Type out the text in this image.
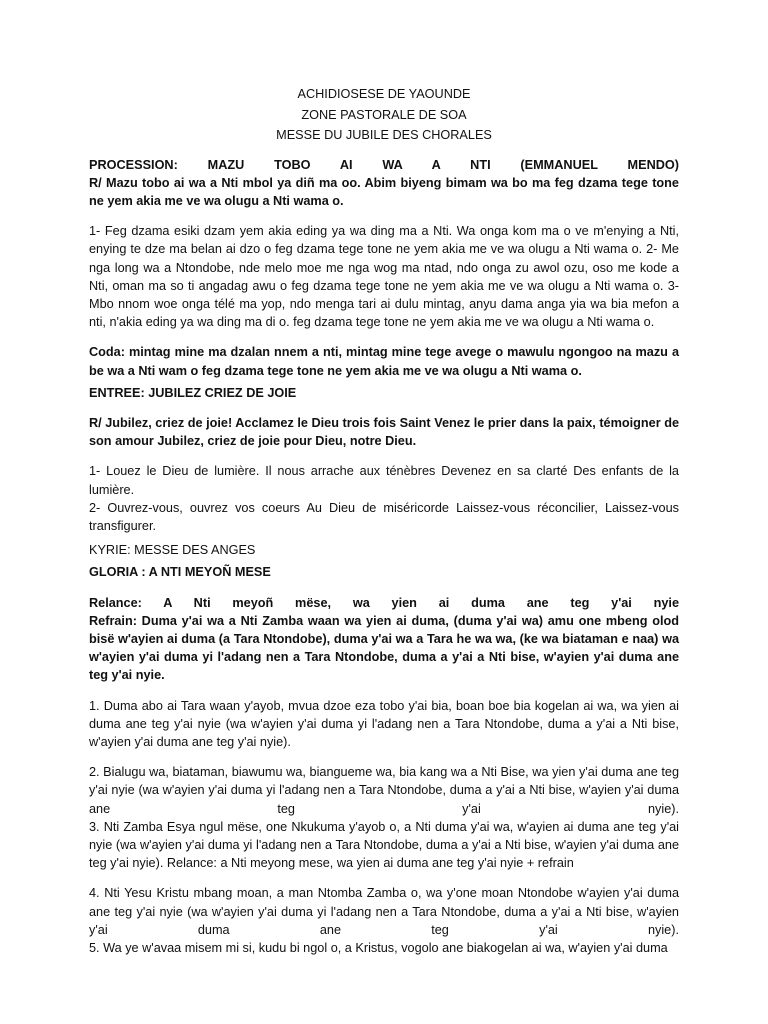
ACHIDIOSESE DE YAOUNDE

ZONE PASTORALE DE SOA

MESSE DU JUBILE DES CHORALES

PROCESSION: MAZU TOBO AI WA A NTI (EMMANUEL MENDO)

R/ Mazu tobo ai wa a Nti mbol ya diñ ma oo. Abim biyeng bimam wa bo ma feg dzama tege tone ne yem akia me ve wa olugu a Nti wama o.

1- Feg dzama esiki dzam yem akia eding ya wa ding ma a Nti. Wa onga kom ma o ve m'enying a Nti, enying te dze ma belan ai dzo o feg dzama tege tone ne yem akia me ve wa olugu a Nti wama o. 2- Me nga long wa a Ntondobe, nde melo moe me nga wog ma ntad, ndo onga zu awol ozu, oso me kode a Nti, oman ma so ti angadag awu o feg dzama tege tone ne yem akia me ve wa olugu a Nti wama o. 3- Mbo nnom woe onga télé ma yop, ndo menga tari ai dulu mintag, anyu dama anga yia wa bia mefon a nti, n'akia eding ya wa ding ma di o. feg dzama tege tone ne yem akia me ve wa olugu a Nti wama o.

Coda: mintag mine ma dzalan nnem a nti, mintag mine tege avege o mawulu ngongoo na mazu a be wa a Nti wam o feg dzama tege tone ne yem akia me ve wa olugu a Nti wama o.

ENTREE: JUBILEZ CRIEZ DE JOIE

R/ Jubilez, criez de joie! Acclamez le Dieu trois fois Saint Venez le prier dans la paix, témoigner de son amour Jubilez, criez de joie pour Dieu, notre Dieu.

1- Louez le Dieu de lumière. Il nous arrache aux ténèbres Devenez en sa clarté Des enfants de la lumière.

2- Ouvrez-vous, ouvrez vos coeurs Au Dieu de miséricorde Laissez-vous réconcilier, Laissez-vous transfigurer.

KYRIE: MESSE DES ANGES

GLORIA : A NTI MEYOÑ MESE

Relance: A Nti meyoñ mëse, wa yien ai duma ane teg y'ai nyie

Refrain: Duma y'ai wa a Nti Zamba waan wa yien ai duma, (duma y'ai wa) amu one mbeng olod bisë w'ayien ai duma (a Tara Ntondobe), duma y'ai wa a Tara he wa wa, (ke wa biataman e naa) wa w'ayien y'ai duma yi l'adang nen a Tara Ntondobe, duma a y'ai a Nti bise, w'ayien y'ai duma ane teg y'ai nyie.

1. Duma abo ai Tara waan y'ayob, mvua dzoe eza tobo y'ai bia, boan boe bia kogelan ai wa, wa yien ai duma ane teg y'ai nyie (wa w'ayien y'ai duma yi l'adang nen a Tara Ntondobe, duma a y'ai a Nti bise, w'ayien y'ai duma ane teg y'ai nyie).

2. Bialugu wa, biataman, biawumu wa, biangueme wa, bia kang wa a Nti Bise, wa yien y'ai duma ane teg y'ai nyie (wa w'ayien y'ai duma yi l'adang nen a Tara Ntondobe, duma a y'ai a Nti bise, w'ayien y'ai duma

ane teg y'ai nyie).

3. Nti Zamba Esya ngul mëse, one Nkukuma y'ayob o, a Nti duma y'ai wa, w'ayien ai duma ane teg y'ai nyie (wa w'ayien y'ai duma yi l'adang nen a Tara Ntondobe, duma a y'ai a Nti bise, w'ayien y'ai duma ane teg y'ai nyie). Relance: a Nti meyong mese, wa yien ai duma ane teg y'ai nyie + refrain

4. Nti Yesu Kristu mbang moan, a man Ntomba Zamba o, wa y'one moan Ntondobe w'ayien y'ai duma ane teg y'ai nyie (wa w'ayien y'ai duma yi l'adang nen a Tara Ntondobe, duma a y'ai a Nti bise, w'ayien

y'ai duma ane teg y'ai nyie).

5. Wa ye w'avaa misem mi si, kudu bi ngol o, a Kristus, vogolo ane biakogelan ai wa, w'ayien y'ai duma
